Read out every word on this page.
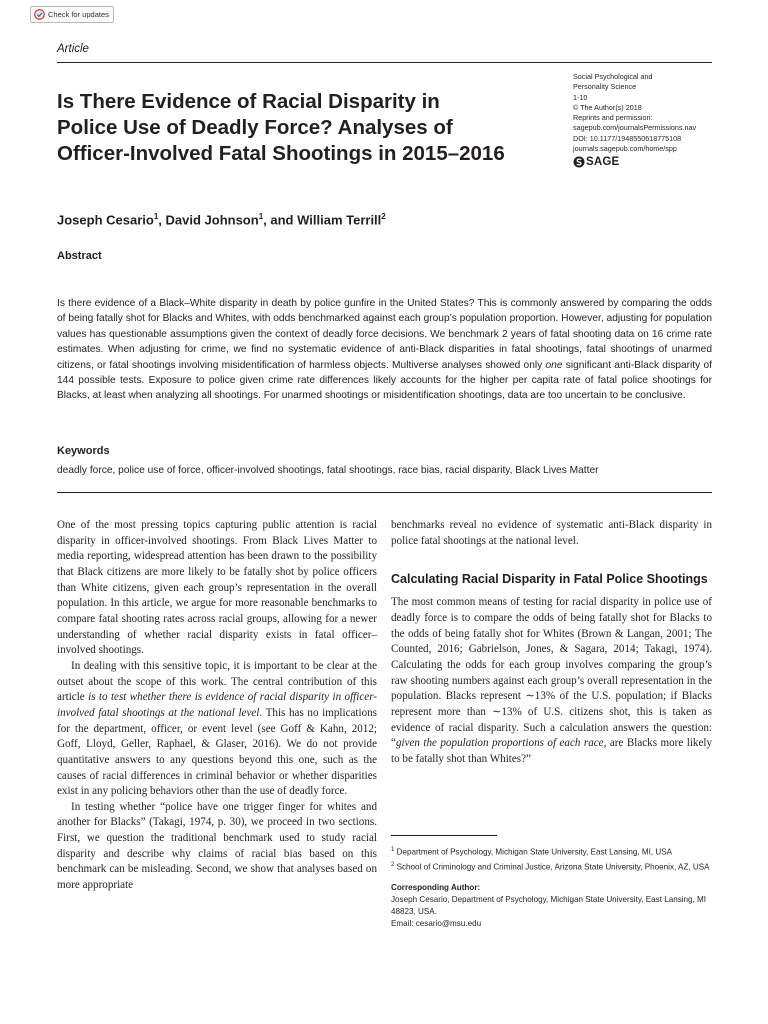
Check for updates
Article
Is There Evidence of Racial Disparity in
Police Use of Deadly Force? Analyses of
Officer-Involved Fatal Shootings in 2015–2016
Social Psychological and
Personality Science
1-10
© The Author(s) 2018
Reprints and permission:
sagepub.com/journalsPermissions.nav
DOI: 10.1177/1948550618775108
journals.sagepub.com/home/spp
SAGE
Joseph Cesario$^1$, David Johnson$^1$, and William Terrill$^2$
Abstract

Is there evidence of a Black–White disparity in death by police gunfire in the United States? This is commonly answered by comparing the odds of being fatally shot for Blacks and Whites, with odds benchmarked against each group’s population proportion. However, adjusting for population values has questionable assumptions given the context of deadly force decisions. We benchmark 2 years of fatal shooting data on 16 crime rate estimates. When adjusting for crime, we find no systematic evidence of anti-Black disparities in fatal shootings, fatal shootings of unarmed citizens, or fatal shootings involving misidentification of harmless objects. Multiverse analyses showed only one significant anti-Black disparity of 144 possible tests. Exposure to police given crime rate differences likely accounts for the higher per capita rate of fatal police shootings for Blacks, at least when analyzing all shootings. For unarmed shootings or misidentification shootings, data are too uncertain to be conclusive.

Keywords
deadly force, police use of force, officer-involved shootings, fatal shootings, race bias, racial disparity, Black Lives Matter

One of the most pressing topics capturing public attention is racial disparity in officer-involved shootings. From Black Lives Matter to media reporting, widespread attention has been drawn to the possibility that Black citizens are more likely to be fatally shot by police officers than White citizens, given each group’s representation in the overall population. In this article, we argue for more reasonable benchmarks to compare fatal shooting rates across racial groups, allowing for a newer understanding of whether racial disparity exists in fatal officer–involved shootings.

In dealing with this sensitive topic, it is important to be clear at the outset about the scope of this work. The central contribution of this article is to test whether there is evidence of racial disparity in officer-involved fatal shootings at the national level. This has no implications for the department, officer, or event level (see Goff & Kahn, 2012; Goff, Lloyd, Geller, Raphael, & Glaser, 2016). We do not provide quantitative answers to any questions beyond this one, such as the causes of racial differences in criminal behavior or whether disparities exist in any policing behaviors other than the use of deadly force.

In testing whether “police have one trigger finger for whites and another for Blacks” (Takagi, 1974, p. 30), we proceed in two sections. First, we question the traditional benchmark used to study racial disparity and describe why claims of racial bias based on this benchmark can be misleading. Second, we show that analyses based on more appropriate

benchmarks reveal no evidence of systematic anti-Black disparity in police fatal shootings at the national level.

Calculating Racial Disparity in Fatal Police Shootings

The most common means of testing for racial disparity in police use of deadly force is to compare the odds of being fatally shot for Blacks to the odds of being fatally shot for Whites (Brown & Langan, 2001; The Counted, 2016; Gabrielson, Jones, & Sagara, 2014; Takagi, 1974). Calculating the odds for each group involves comparing the group’s raw shooting numbers against each group’s overall representation in the population. Blacks represent ∼13% of the U.S. population; if Blacks represent more than ∼13% of U.S. citizens shot, this is taken as evidence of racial disparity. Such a calculation answers the question: “given the population proportions of each race, are Blacks more likely to be fatally shot than Whites?”

$^1$ Department of Psychology, Michigan State University, East Lansing, MI, USA
$^2$ School of Criminology and Criminal Justice, Arizona State University, Phoenix, AZ, USA
Corresponding Author:
Joseph Cesario, Department of Psychology, Michigan State University, East Lansing, MI 48823, USA.
Email: cesario@msu.edu
